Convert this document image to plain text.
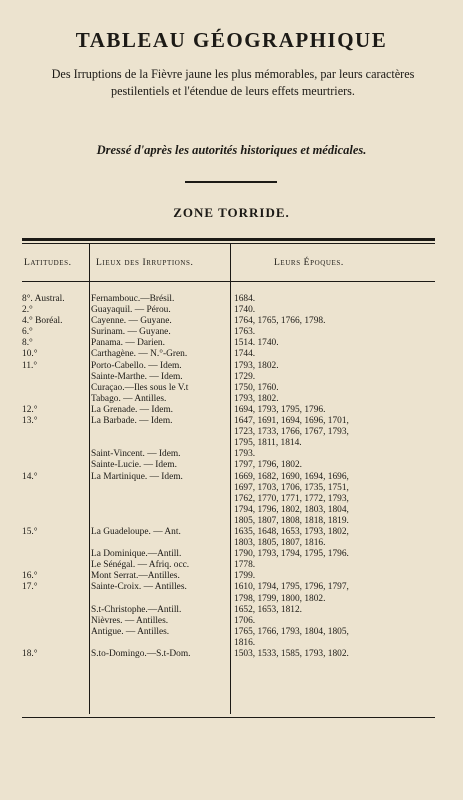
TABLEAU GÉOGRAPHIQUE
Des Irruptions de la Fièvre jaune les plus mémorables, par leurs caractères pestilentiels et l'étendue de leurs effets meurtriers.
Dressé d'après les autorités historiques et médicales.
ZONE TORRIDE.
Latitudes.	Lieux des Irruptions.	Leurs Époques.
8°. Austral.	Fernambouc.—Brésil.	1684.
2.°	Guayaquil. — Pérou.	1740.
4.° Boréal.	Cayenne. — Guyane.	1764, 1765, 1766, 1798.
6.°	Surinam. — Guyane.	1763.
8.°	Panama. — Darien.	1514. 1740.
10.°	Carthagène. — N.°-Gren.	1744.
11.°	Porto-Cabello. — Idem.	1793, 1802.
Sainte-Marthe. — Idem.	1729.
Curaçao.—Iles sous le V.t	1750, 1760.
Tabago. — Antilles.	1793, 1802.
12.°	La Grenade. — Idem.	1694, 1793, 1795, 1796.
13.°	La Barbade. — Idem.	1647, 1691, 1694, 1696, 1701,
1723, 1733, 1766, 1767, 1793,
1795, 1811, 1814.
Saint-Vincent. — Idem.	1793.
Sainte-Lucie. — Idem.	1797, 1796, 1802.
14.°	La Martinique. — Idem.	1669, 1682, 1690, 1694, 1696,
1697, 1703, 1706, 1735, 1751,
1762, 1770, 1771, 1772, 1793,
1794, 1796, 1802, 1803, 1804,
1805, 1807, 1808, 1818, 1819.
15.°	La Guadeloupe. — Ant.	1635, 1648, 1653, 1793, 1802,
1803, 1805, 1807, 1816.
La Dominique.—Antill.	1790, 1793, 1794, 1795, 1796.
Le Sénégal. — Afriq. occ.	1778.
16.°	Mont Serrat.—Antilles.	1799.
17.°	Sainte-Croix. — Antilles.	1610, 1794, 1795, 1796, 1797,
1798, 1799, 1800, 1802.
S.t-Christophe.—Antill.	1652, 1653, 1812.
Nièvres. — Antilles.	1706.
Antigue. — Antilles.	1765, 1766, 1793, 1804, 1805,
1816.
18.°	S.to-Domingo.—S.t-Dom.	1503, 1533, 1585, 1793, 1802.
